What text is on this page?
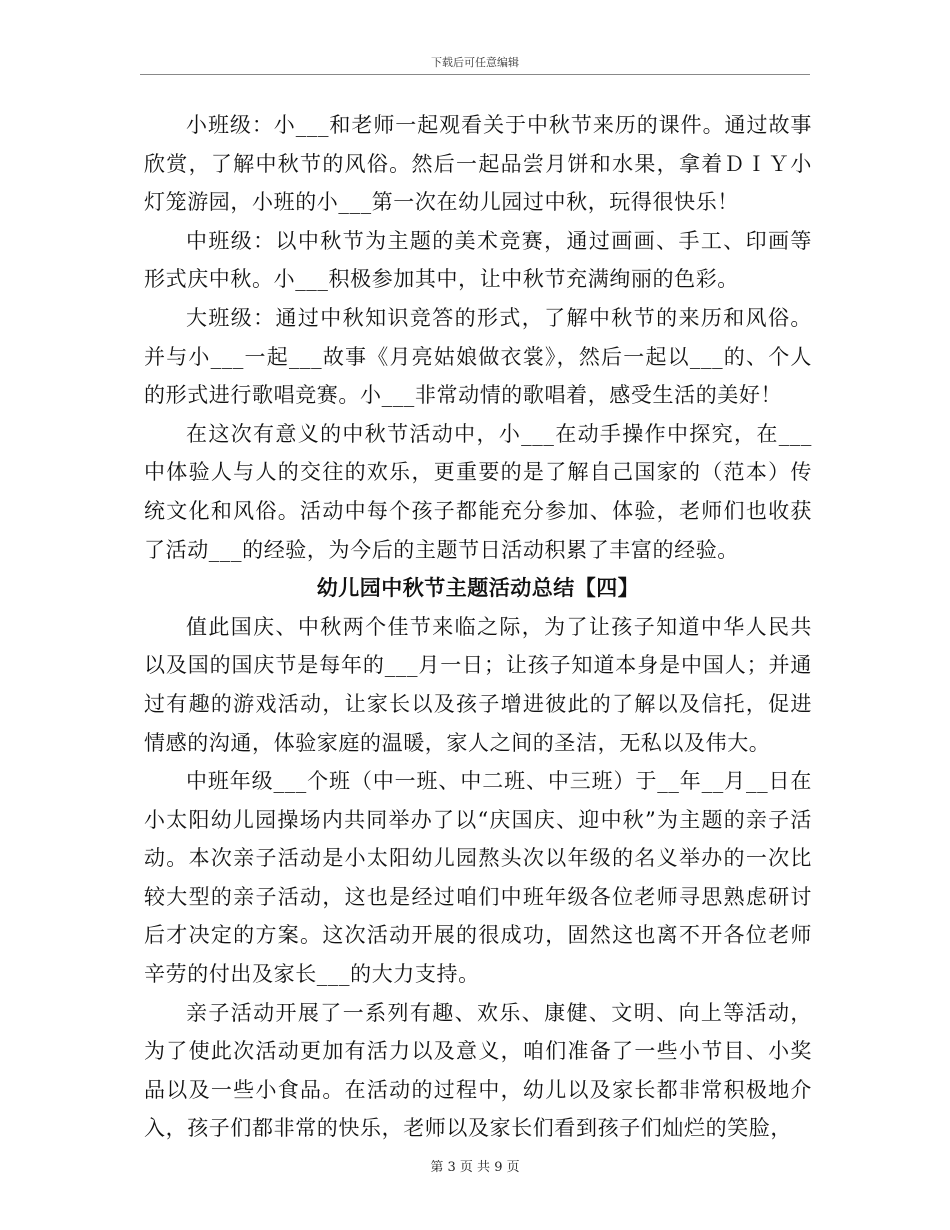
下载后可任意编辑

小班级：小___和老师一起观看关于中秋节来历的课件。通过故事欣赏，了解中秋节的风俗。然后一起品尝月饼和水果，拿着ＤＩＹ小灯笼游园，小班的小___第一次在幼儿园过中秋，玩得很快乐！

中班级：以中秋节为主题的美术竞赛，通过画画、手工、印画等形式庆中秋。小___积极参加其中，让中秋节充满绚丽的色彩。

大班级：通过中秋知识竞答的形式，了解中秋节的来历和风俗。并与小___一起___故事《月亮姑娘做衣裳》，然后一起以___的、个人的形式进行歌唱竞赛。小___非常动情的歌唱着，感受生活的美好！

在这次有意义的中秋节活动中，小___在动手操作中探究，在___中体验人与人的交往的欢乐，更重要的是了解自己国家的（范本）传统文化和风俗。活动中每个孩子都能充分参加、体验，老师们也收获了活动___的经验，为今后的主题节日活动积累了丰富的经验。

幼儿园中秋节主题活动总结【四】

值此国庆、中秋两个佳节来临之际，为了让孩子知道中华人民共以及国的国庆节是每年的___月一日；让孩子知道本身是中国人；并通过有趣的游戏活动，让家长以及孩子增进彼此的了解以及信托，促进情感的沟通，体验家庭的温暖，家人之间的圣洁，无私以及伟大。

中班年级___个班（中一班、中二班、中三班）于__年__月__日在小太阳幼儿园操场内共同举办了以“庆国庆、迎中秋”为主题的亲子活动。本次亲子活动是小太阳幼儿园熬头次以年级的名义举办的一次比较大型的亲子活动，这也是经过咱们中班年级各位老师寻思熟虑研讨后才决定的方案。这次活动开展的很成功，固然这也离不开各位老师辛劳的付出及家长___的大力支持。

亲子活动开展了一系列有趣、欢乐、康健、文明、向上等活动，为了使此次活动更加有活力以及意义，咱们准备了一些小节目、小奖品以及一些小食品。在活动的过程中，幼儿以及家长都非常积极地介入，孩子们都非常的快乐，老师以及家长们看到孩子们灿烂的笑脸，

第 3 页 共 9 页
